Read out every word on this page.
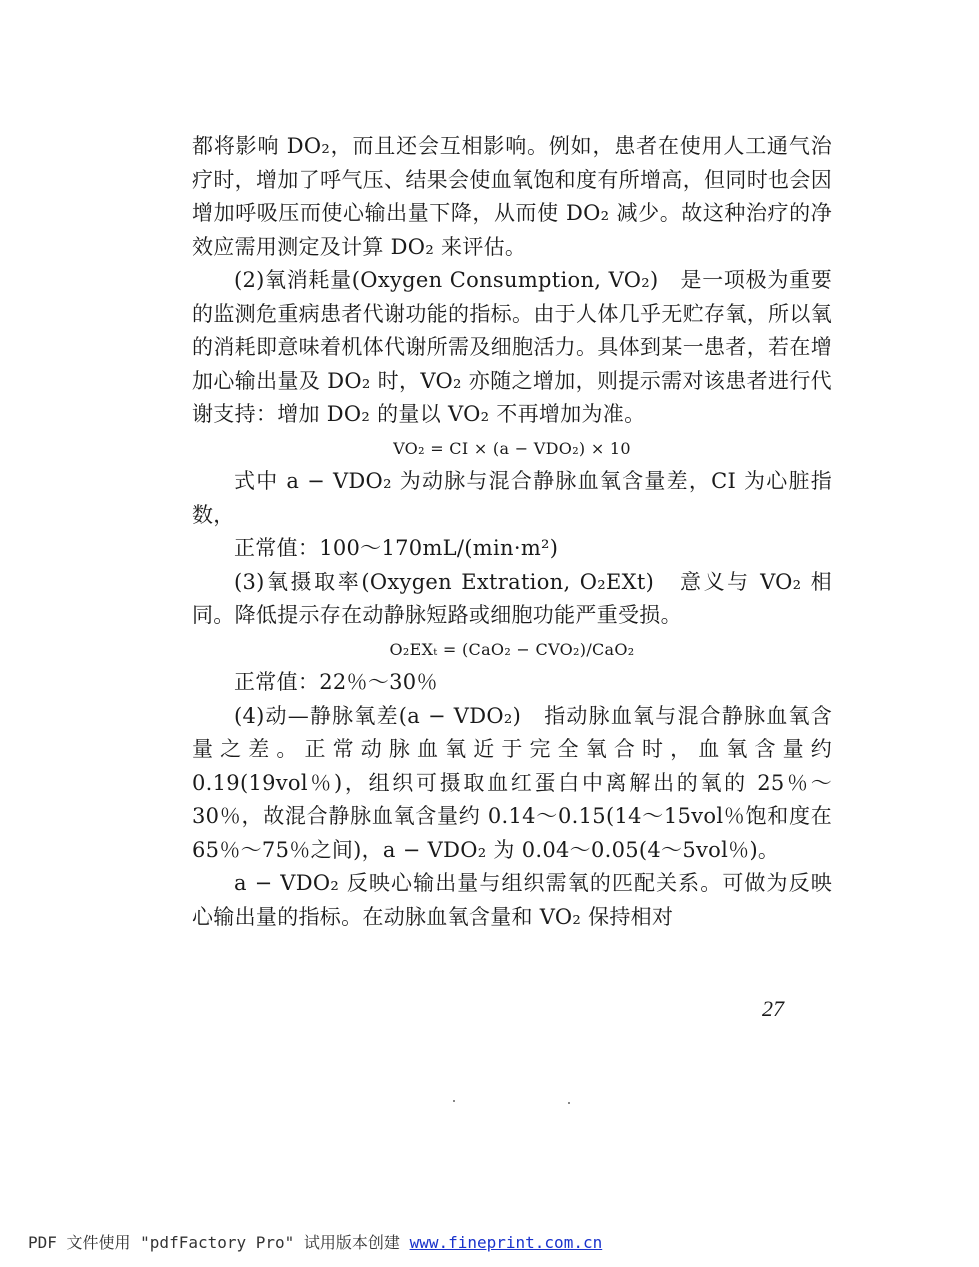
都将影响 DO₂，而且还会互相影响。例如，患者在使用人工通气治疗时，增加了呼气压、结果会使血氧饱和度有所增高，但同时也会因增加呼吸压而使心输出量下降，从而使 DO₂ 减少。故这种治疗的净效应需用测定及计算 DO₂ 来评估。

(2)氧消耗量(Oxygen Consumption, VO₂)　是一项极为重要的监测危重病患者代谢功能的指标。由于人体几乎无贮存氧，所以氧的消耗即意味着机体代谢所需及细胞活力。具体到某一患者，若在增加心输出量及 DO₂ 时，VO₂ 亦随之增加，则提示需对该患者进行代谢支持：增加 DO₂ 的量以 VO₂ 不再增加为准。

VO₂ = CI × (a − VDO₂) × 10

式中 a − VDO₂ 为动脉与混合静脉血氧含量差，CI 为心脏指数，

正常值：100～170mL/(min·m²)

(3)氧摄取率(Oxygen Extration, O₂EXt)　意义与 VO₂ 相同。降低提示存在动静脉短路或细胞功能严重受损。

O₂EXₜ = (CaO₂ − CVO₂)/CaO₂

正常值：22％～30％

(4)动—静脉氧差(a − VDO₂)　指动脉血氧与混合静脉血氧含量之差。正常动脉血氧近于完全氧合时，血氧含量约 0.19(19vol％)，组织可摄取血红蛋白中离解出的氧的 25％～30％，故混合静脉血氧含量约 0.14～0.15(14～15vol％饱和度在 65％～75％之间)，a − VDO₂ 为 0.04～0.05(4～5vol％)。

a − VDO₂ 反映心输出量与组织需氧的匹配关系。可做为反映心输出量的指标。在动脉血氧含量和 VO₂ 保持相对

27
PDF 文件使用 "pdfFactory Pro" 试用版本创建 www.fineprint.com.cn
